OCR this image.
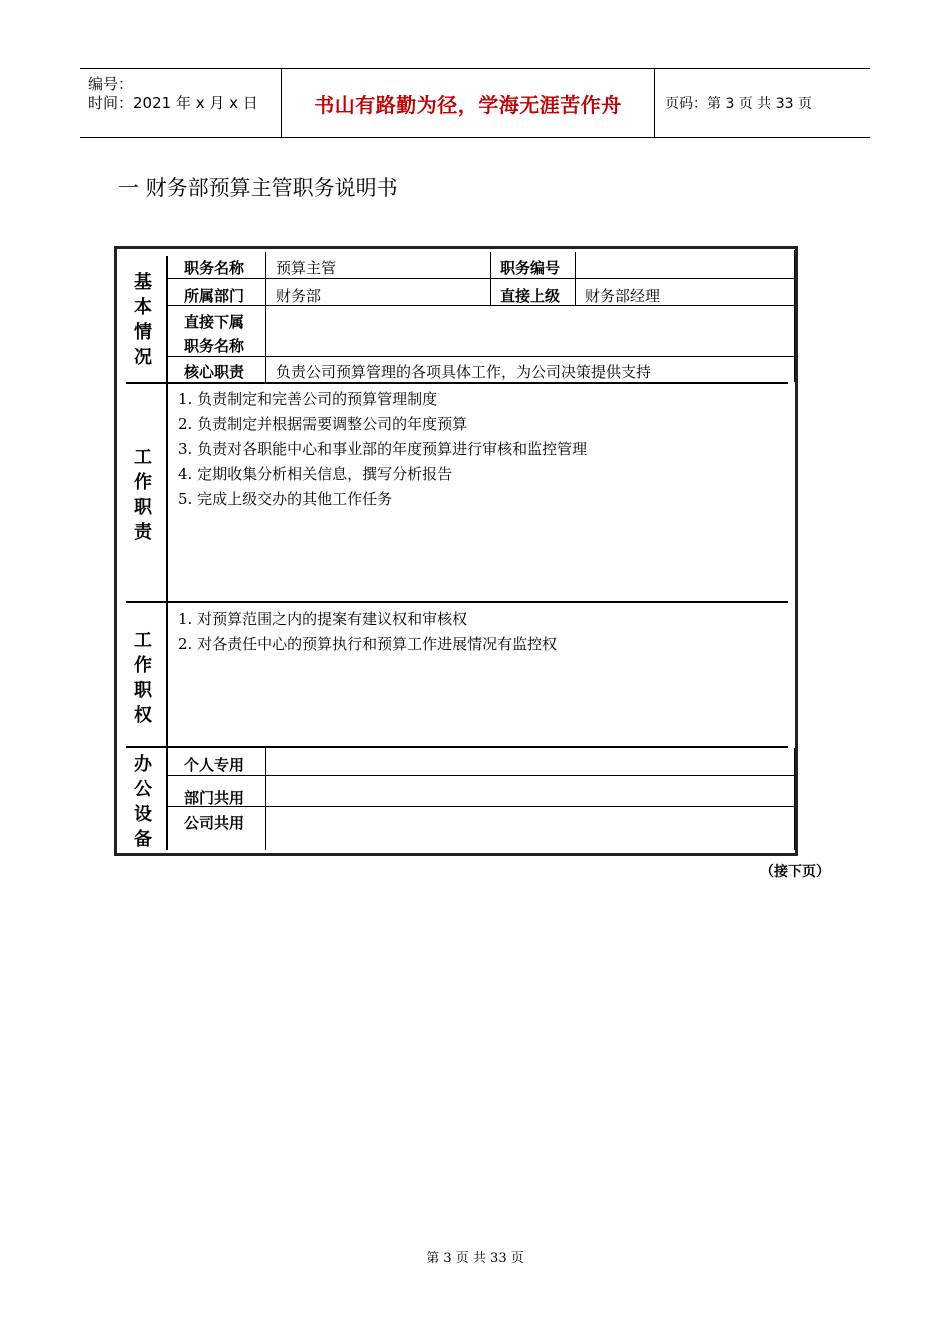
编号：
时间：2021 年 x 月 x 日	书山有路勤为径，学海无涯苦作舟	页码：第 3 页 共 33 页
一 财务部预算主管职务说明书
基
本
情
况
职务名称 预算主管	职务编号
所属部门 财务部	直接上级 财务部经理
直接下属
职务名称
核心职责 负责公司预算管理的各项具体工作，为公司决策提供支持
工
作
职
责
1. 负责制定和完善公司的预算管理制度
2. 负责制定并根据需要调整公司的年度预算
3. 负责对各职能中心和事业部的年度预算进行审核和监控管理
4. 定期收集分析相关信息，撰写分析报告
5. 完成上级交办的其他工作任务
工
作
职
权
1. 对预算范围之内的提案有建议权和审核权
2. 对各责任中心的预算执行和预算工作进展情况有监控权
办
公
设
备
个人专用
部门共用
公司共用
（接下页）
第 3 页 共 33 页
